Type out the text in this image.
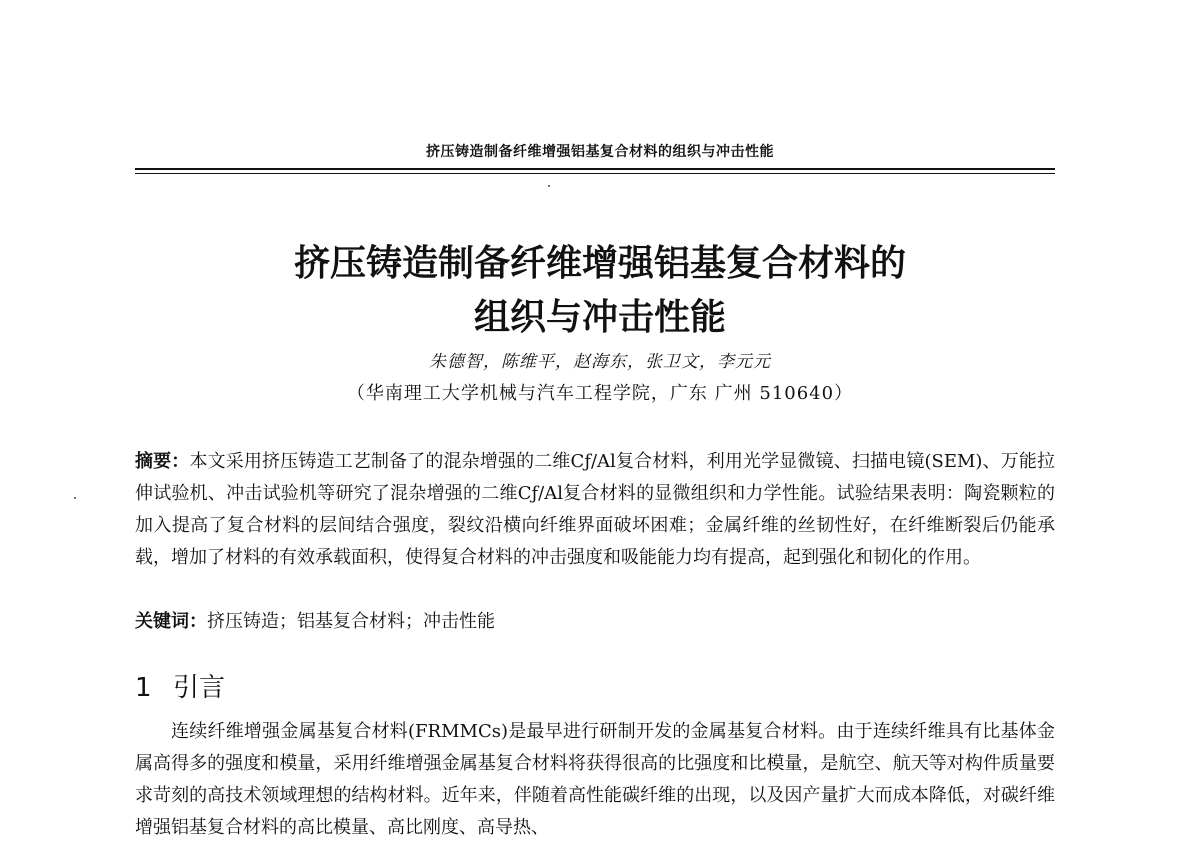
挤压铸造制备纤维增强铝基复合材料的组织与冲击性能
挤压铸造制备纤维增强铝基复合材料的
组织与冲击性能
朱德智，陈维平，赵海东，张卫文，李元元
（华南理工大学机械与汽车工程学院，广东 广州 510640）
摘要：本文采用挤压铸造工艺制备了的混杂增强的二维Cƒ/Al复合材料，利用光学显微镜、扫描电镜(SEM)、万能拉伸试验机、冲击试验机等研究了混杂增强的二维Cƒ/Al复合材料的显微组织和力学性能。试验结果表明：陶瓷颗粒的加入提高了复合材料的层间结合强度，裂纹沿横向纤维界面破坏困难；金属纤维的丝韧性好，在纤维断裂后仍能承载，增加了材料的有效承载面积，使得复合材料的冲击强度和吸能能力均有提高，起到强化和韧化的作用。
关键词：挤压铸造；铝基复合材料；冲击性能
1 引言
连续纤维增强金属基复合材料(FRMMCs)是最早进行研制开发的金属基复合材料。由于连续纤维具有比基体金属高得多的强度和模量，采用纤维增强金属基复合材料将获得很高的比强度和比模量，是航空、航天等对构件质量要求苛刻的高技术领域理想的结构材料。近年来，伴随着高性能碳纤维的出现，以及因产量扩大而成本降低，对碳纤维增强铝基复合材料的高比模量、高比刚度、高导热、
